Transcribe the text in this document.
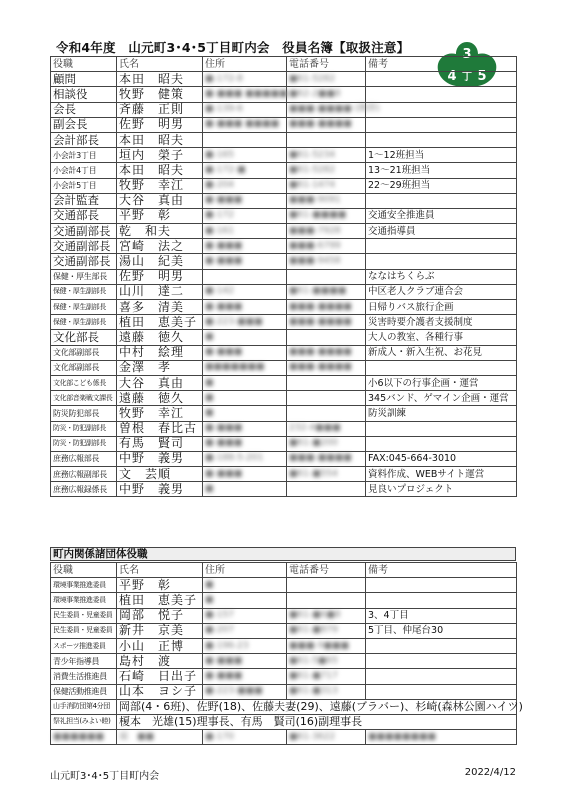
令和4年度　山元町3･4･5丁目町内会　役員名簿【取扱注意】	3
4 丁 5
役職	氏名	住所	電話番号	備考
顧問	本田　昭夫	■-172-8	■61-5282	

相談役	牧野　健策	■-■■■ ■■■■■	■62-2■■8	

会長	斉藤　正則	■-139-6	■■■-■■■■ (携帯)	

副会長	佐野　明男	■-■■■ ■■■■	■■■-■■■■	

会計部長	本田　昭夫	

小会計3丁目	垣内　榮子	■-165	■61-5234	1～12班担当
小会計4丁目	本田　昭夫	■-172-■	■61-5282	13～21班担当
小会計5丁目	牧野　幸江	■-204	■61-1474	22～29班担当
会計監査	大谷　真由	■-■■■	■■■-9091	

交通部長	平野　彰	■-172	■61-■■■■	交通安全推進員
交通副部長	乾　和夫	■-161	■■■-7928	交通指導員
交通副部長	宮崎　法之	■-■■■	■■■-6799	

交通副部長	湯山　紀美	■-■■■	■■■-9458	

保健・厚生部長	佐野　明男			ななはちくらぶ
保健・厚生副部長	山川　達二	■-142	■61-■■■■	中区老人クラブ連合会
保健・厚生副部長	喜多　清美	■-■■■	■■■-■■■■	日帰りバス旅行企画
保健・厚生副部長	植田　恵美子	■-223-■■■	■■■-■■■■	災害時要介護者支援制度
文化部長	遠藤　徳久	■		大人の教室、各種行事
文化部副部長	中村　絵理	■-■■■	■■■-■■■■	新成人・新入生祝、お花見
文化部副部長	金澤　孝	■■■■■■■	■■■-■■■■	

文化部こども係長	大谷　真由	■		小6以下の行事企画・運営
文化部音楽戦文課長	遠藤　徳久	■		345バンド、ゲマイン企画・運営
防災防犯部長	牧野　幸江	■		防災訓練
防災・防犯副部長	曽根　春比古	■-■■■	232-4■■■	

防災・防犯副部長	有馬　賢司	■-■■■	■61-■200	

庶務広報部長	中野　義男	■-188-5-201	■■■-■■■■	FAX:045-664-3010
庶務広報副部長	文　芸順	■-■■■	■61-■554	資料作成、WEBサイト運営
庶務広報録係長	中野　義男	■		見良いプロジェクト
町内関係諸団体役職
役職	氏名	住所	電話番号	備考
環境事業推進委員	平野　彰	■		

環境事業推進委員	植田　恵美子	■		

民生委員・児童委員	岡部　悦子	■-157	■61-■6■8	3、4丁目
民生委員・児童委員	新井　京美	■-207	■61-■879	5丁目、仲尾台30
スポーツ推進委員	小山　正博	■-196-23	■■■-9■■■	

青少年指導員	島村　渡	■-■■■	■61-5■65	

消費生活推進員	石崎　日出子	■-■■■	■61-■717	

保健活動推進員	山本　ヨシ子	■-223-■■■	■61-■313	

山手消防団第4分団	岡部(4・6班)、佐野(18)、佐藤夫妻(29)、遠藤(ブラバー)、杉崎(森林公園ハイツ)			
祭礼担当(みよい睦)	榎本　光雄(15)理事長、有馬　賢司(16)副理事長			

■■■■■■	福　■■	■-170	■61-3622	■■■■■■■■
山元町3･4･5丁目町内会	2022/4/12
